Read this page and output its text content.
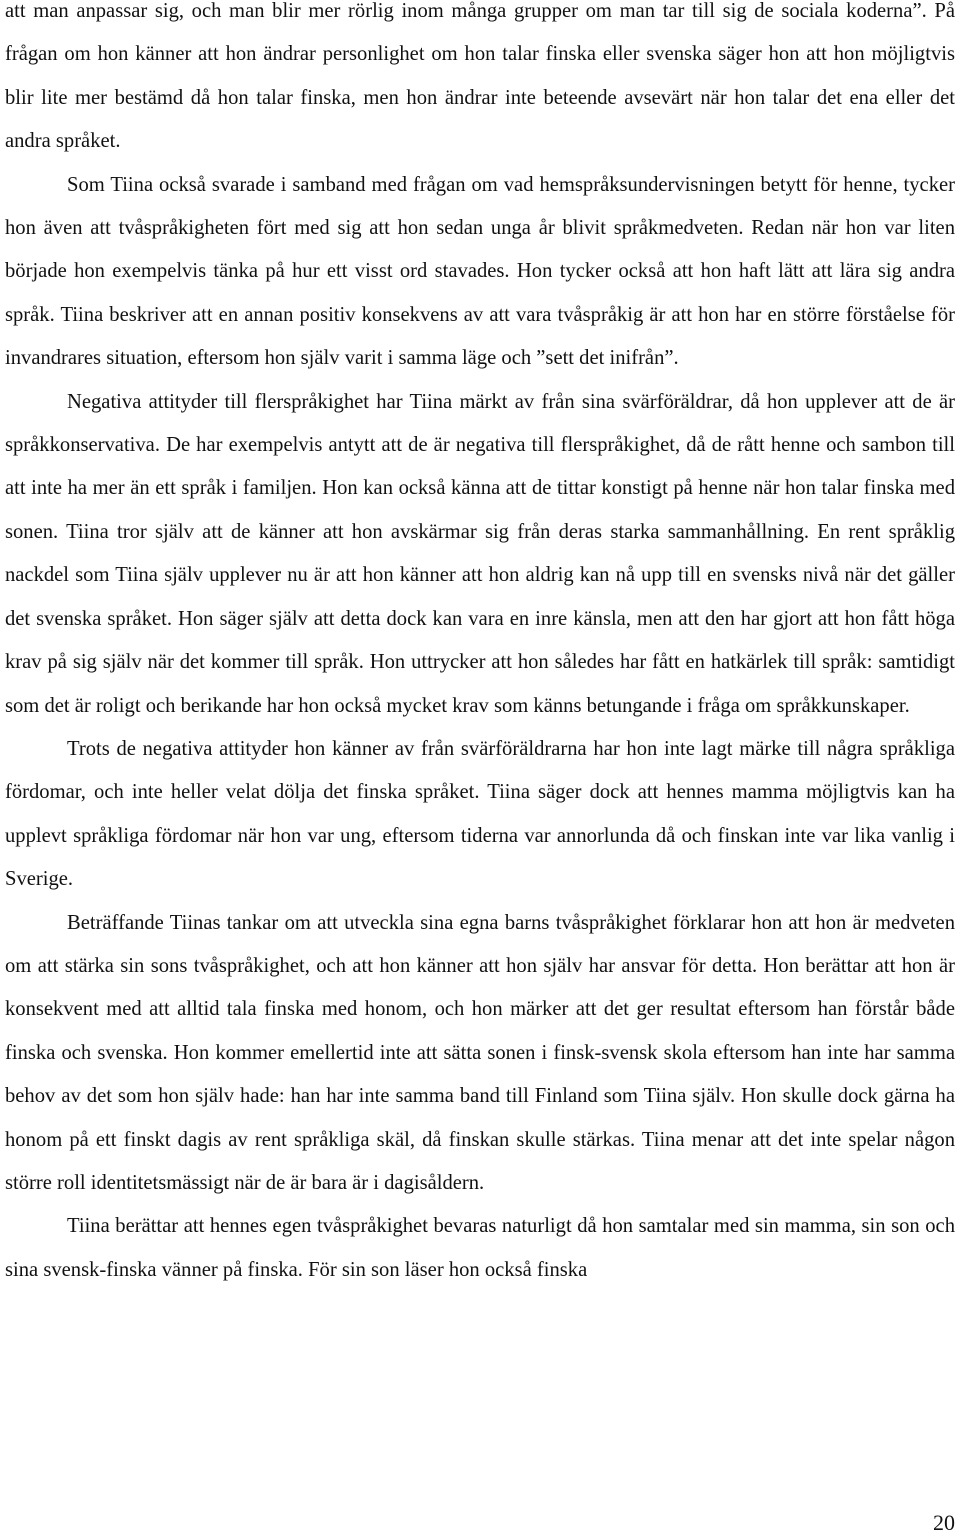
att man anpassar sig, och man blir mer rörlig inom många grupper om man tar till sig de sociala koderna”. På frågan om hon känner att hon ändrar personlighet om hon talar finska eller svenska säger hon att hon möjligtvis blir lite mer bestämd då hon talar finska, men hon ändrar inte beteende avsevärt när hon talar det ena eller det andra språket.

Som Tiina också svarade i samband med frågan om vad hemspråksundervisningen betytt för henne, tycker hon även att tvåspråkigheten fört med sig att hon sedan unga år blivit språkmedveten. Redan när hon var liten började hon exempelvis tänka på hur ett visst ord stavades. Hon tycker också att hon haft lätt att lära sig andra språk. Tiina beskriver att en annan positiv konsekvens av att vara tvåspråkig är att hon har en större förståelse för invandrares situation, eftersom hon själv varit i samma läge och ”sett det inifrån”.

Negativa attityder till flerspråkighet har Tiina märkt av från sina svärföräldrar, då hon upplever att de är språkkonservativa. De har exempelvis antytt att de är negativa till flerspråkighet, då de rått henne och sambon till att inte ha mer än ett språk i familjen. Hon kan också känna att de tittar konstigt på henne när hon talar finska med sonen. Tiina tror själv att de känner att hon avskärmar sig från deras starka sammanhållning. En rent språklig nackdel som Tiina själv upplever nu är att hon känner att hon aldrig kan nå upp till en svensks nivå när det gäller det svenska språket. Hon säger själv att detta dock kan vara en inre känsla, men att den har gjort att hon fått höga krav på sig själv när det kommer till språk. Hon uttrycker att hon således har fått en hatkärlek till språk: samtidigt som det är roligt och berikande har hon också mycket krav som känns betungande i fråga om språkkunskaper.

Trots de negativa attityder hon känner av från svärföräldrarna har hon inte lagt märke till några språkliga fördomar, och inte heller velat dölja det finska språket. Tiina säger dock att hennes mamma möjligtvis kan ha upplevt språkliga fördomar när hon var ung, eftersom tiderna var annorlunda då och finskan inte var lika vanlig i Sverige.

Beträffande Tiinas tankar om att utveckla sina egna barns tvåspråkighet förklarar hon att hon är medveten om att stärka sin sons tvåspråkighet, och att hon känner att hon själv har ansvar för detta. Hon berättar att hon är konsekvent med att alltid tala finska med honom, och hon märker att det ger resultat eftersom han förstår både finska och svenska. Hon kommer emellertid inte att sätta sonen i finsk-svensk skola eftersom han inte har samma behov av det som hon själv hade: han har inte samma band till Finland som Tiina själv. Hon skulle dock gärna ha honom på ett finskt dagis av rent språkliga skäl, då finskan skulle stärkas. Tiina menar att det inte spelar någon större roll identitetsmässigt när de är bara är i dagisåldern.

Tiina berättar att hennes egen tvåspråkighet bevaras naturligt då hon samtalar med sin mamma, sin son och sina svensk-finska vänner på finska. För sin son läser hon också finska

20
